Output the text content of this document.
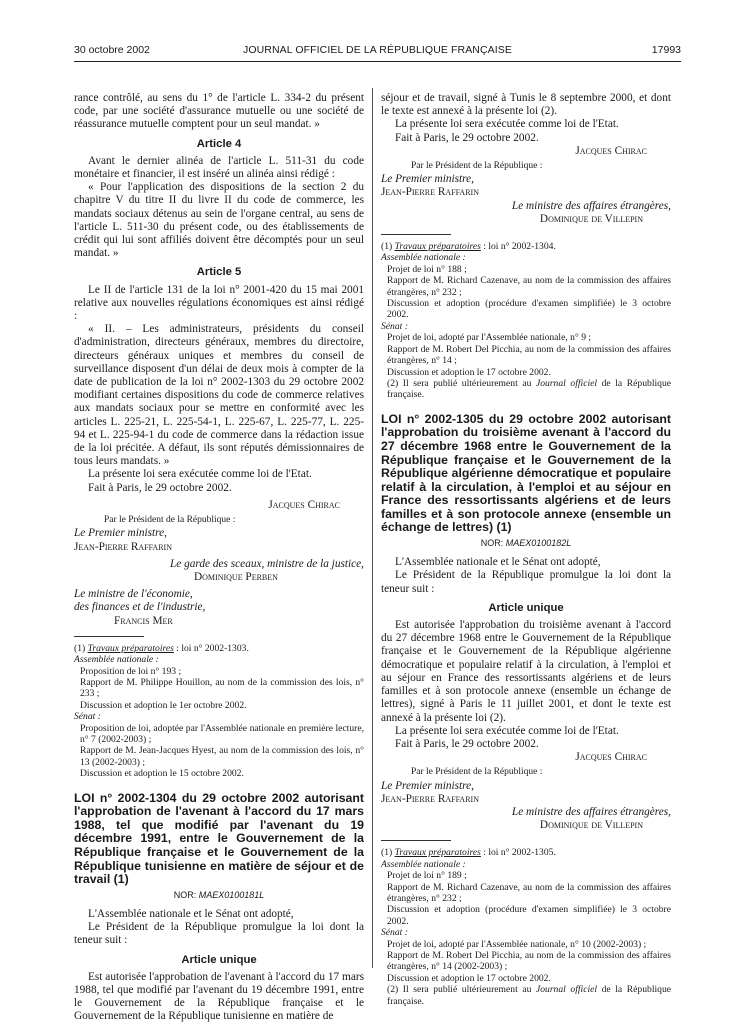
30 octobre 2002	JOURNAL OFFICIEL DE LA RÉPUBLIQUE FRANÇAISE	17993

rance contrôlé, au sens du 1° de l'article L. 334-2 du présent code, par une société d'assurance mutuelle ou une société de réassurance mutuelle comptent pour un seul mandat. »

Article 4

Avant le dernier alinéa de l'article L. 511-31 du code monétaire et financier, il est inséré un alinéa ainsi rédigé :

« Pour l'application des dispositions de la section 2 du chapitre V du titre II du livre II du code de commerce, les mandats sociaux détenus au sein de l'organe central, au sens de l'article L. 511-30 du présent code, ou des établissements de crédit qui lui sont affiliés doivent être décomptés pour un seul mandat. »

Article 5

Le II de l'article 131 de la loi n° 2001-420 du 15 mai 2001 relative aux nouvelles régulations économiques est ainsi rédigé :

« II. – Les administrateurs, présidents du conseil d'administration, directeurs généraux, membres du directoire, directeurs généraux uniques et membres du conseil de surveillance disposent d'un délai de deux mois à compter de la date de publication de la loi n° 2002-1303 du 29 octobre 2002 modifiant certaines dispositions du code de commerce relatives aux mandats sociaux pour se mettre en conformité avec les articles L. 225-21, L. 225-54-1, L. 225-67, L. 225-77, L. 225-94 et L. 225-94-1 du code de commerce dans la rédaction issue de la loi précitée. A défaut, ils sont réputés démissionnaires de tous leurs mandats. »

La présente loi sera exécutée comme loi de l'Etat.

Fait à Paris, le 29 octobre 2002.

Jacques Chirac

Par le Président de la République :

Le Premier ministre,

Jean-Pierre Raffarin

Le garde des sceaux, ministre de la justice,

Dominique Perben

Le ministre de l'économie,

des finances et de l'industrie,

Francis Mer

(1) Travaux préparatoires : loi n° 2002-1303.

Assemblée nationale :

Proposition de loi n° 193 ;

Rapport de M. Philippe Houillon, au nom de la commission des lois, n° 233 ;

Discussion et adoption le 1er octobre 2002.

Sénat :

Proposition de loi, adoptée par l'Assemblée nationale en première lecture, n° 7 (2002-2003) ;

Rapport de M. Jean-Jacques Hyest, au nom de la commission des lois, n° 13 (2002-2003) ;

Discussion et adoption le 15 octobre 2002.

LOI n° 2002-1304 du 29 octobre 2002 autorisant l'approbation de l'avenant à l'accord du 17 mars 1988, tel que modifié par l'avenant du 19 décembre 1991, entre le Gouvernement de la République française et le Gouvernement de la République tunisienne en matière de séjour et de travail (1)
NOR: MAEX0100181L

L'Assemblée nationale et le Sénat ont adopté,

Le Président de la République promulgue la loi dont la teneur suit :

Article unique

Est autorisée l'approbation de l'avenant à l'accord du 17 mars 1988, tel que modifié par l'avenant du 19 décembre 1991, entre le Gouvernement de la République française et le Gouvernement de la République tunisienne en matière de

séjour et de travail, signé à Tunis le 8 septembre 2000, et dont le texte est annexé à la présente loi (2).

La présente loi sera exécutée comme loi de l'Etat.

Fait à Paris, le 29 octobre 2002.

Jacques Chirac

Par le Président de la République :

Le Premier ministre,

Jean-Pierre Raffarin

Le ministre des affaires étrangères,

Dominique de Villepin

(1) Travaux préparatoires : loi n° 2002-1304.

Assemblée nationale :

Projet de loi n° 188 ;

Rapport de M. Richard Cazenave, au nom de la commission des affaires étrangères, n° 232 ;

Discussion et adoption (procédure d'examen simplifiée) le 3 octobre 2002.

Sénat :

Projet de loi, adopté par l'Assemblée nationale, n° 9 ;

Rapport de M. Robert Del Picchia, au nom de la commission des affaires étrangères, n° 14 ;

Discussion et adoption le 17 octobre 2002.

(2) Il sera publié ultérieurement au Journal officiel de la République française.

LOI n° 2002-1305 du 29 octobre 2002 autorisant l'approbation du troisième avenant à l'accord du 27 décembre 1968 entre le Gouvernement de la République française et le Gouvernement de la République algérienne démocratique et populaire relatif à la circulation, à l'emploi et au séjour en France des ressortissants algériens et de leurs familles et à son protocole annexe (ensemble un échange de lettres) (1)
NOR: MAEX0100182L

L'Assemblée nationale et le Sénat ont adopté,

Le Président de la République promulgue la loi dont la teneur suit :

Article unique

Est autorisée l'approbation du troisième avenant à l'accord du 27 décembre 1968 entre le Gouvernement de la République française et le Gouvernement de la République algérienne démocratique et populaire relatif à la circulation, à l'emploi et au séjour en France des ressortissants algériens et de leurs familles et à son protocole annexe (ensemble un échange de lettres), signé à Paris le 11 juillet 2001, et dont le texte est annexé à la présente loi (2).

La présente loi sera exécutée comme loi de l'Etat.

Fait à Paris, le 29 octobre 2002.

Jacques Chirac

Par le Président de la République :

Le Premier ministre,

Jean-Pierre Raffarin

Le ministre des affaires étrangères,

Dominique de Villepin

(1) Travaux préparatoires : loi n° 2002-1305.

Assemblée nationale :

Projet de loi n° 189 ;

Rapport de M. Richard Cazenave, au nom de la commission des affaires étrangères, n° 232 ;

Discussion et adoption (procédure d'examen simplifiée) le 3 octobre 2002.

Sénat :

Projet de loi, adopté par l'Assemblée nationale, n° 10 (2002-2003) ;

Rapport de M. Robert Del Picchia, au nom de la commission des affaires étrangères, n° 14 (2002-2003) ;

Discussion et adoption le 17 octobre 2002.

(2) Il sera publié ultérieurement au Journal officiel de la République française.
